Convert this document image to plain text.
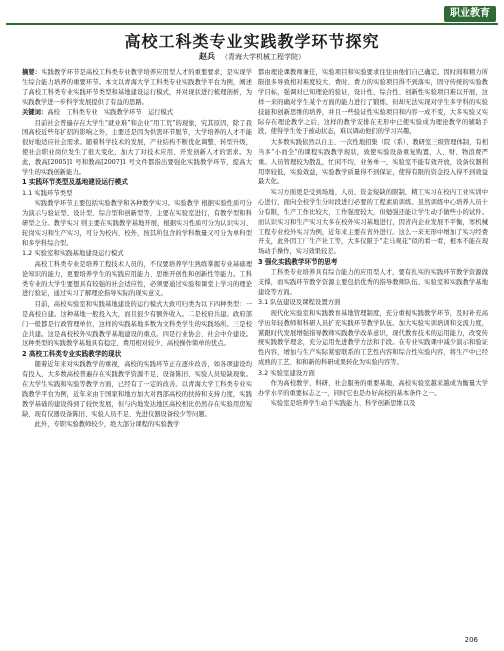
职业教育
高校工科类专业实践教学环节探究
赵兵 （青海大学机械工程学院）

摘要：实践教学环节是高校工科类专业教学培养应用型人才的重要要求，是实现学生综合能力培养的重要环节。本文以青海大学工科类专业实践教学平台为例，阐述了高校工科类专业实践环节类型和基地建设运行模式，并对现状进行梳理剖析，为实践教学进一步科学发展提供了有益的思路。

关键词：高校　工科类专业　实践教学环节　运行模式

目前社会普遍存在大学生“就业难”和企业“用工荒”的现象，究其原因，除了我国高校近些年扩招的影响之外，主要还是因为供需环节脱节，大学培养的人才不能很好地适应社会需求。随着科学技术的发展，产业结构不断优化调整、转型升级，使社会职业岗位发生了很大变化，加大了对技术应用、开发创新人才的需求。为此，教高[2005]1 号和教高[2007]1 号文件都指出要强化实践教学环节，提高大学生的实践创新能力。

1 实践环节类型及基地建设运行模式

1.1 实践环节类型

实践教学环节主要包括实验教学和各种教学实习。实验教学 根据实验性质可分为演示与验证型、设计型、综合型和创新型等，主要在实验室进行，有教学型和科研型之分。教学实习 则主要在实践教学基地开展，根据实习性质可分为认识实习、轮岗实习和生产实习，可分为校内、校外，按其所包含的学科数量又可分为单科型和多学科综合型。

1.2 实验室和实践基地建设运行模式

高校工科类专业是培养工程技术人员的，不仅要培养学生熟练掌握专业基础理论知识的能力，更要培养学生的实践应用能力、思维开创性和创新性等能力。工科类专业的大学生要想具有较强的社会适应性，必须要通过实验和课堂上学习的理论进行验证，通过实习了解理论指导实际的现实意义。

目前，高校实验室和实践基地建设的运行模式大致可归类为以下四种类型：一是高校自建。这种基地一般投入大，而且很少有额外收入。二是校府共建。政府部门一般都是行政管理单位，这样的实践基地多数为文科类学生的实践场所。三是校企共建。这是高校校外实践教学基地建设的重点。四是行业协会、社会中介建设。这种类型的实践教学基地具有稳定、费用相对较少、高校操作简单的优点。

2 高校工科类专业实践教学的现状

随着近年来对实践教学的重视，高校的实践环节正在逐步改善，如各项建设均有投入，大多数高校普遍存在实践教学资源不足、设备陈旧、实验人员短缺现象。在大学生实践和实验等教学方面，已经有了一定的改善。以青海大学工科类专业实践教学平台为例，近年来由于国家和地方加大对西部高校的扶持和支持力度，实践教学基础的建设得到了较快发展，但与内地发达地区高校相比仍然存在实验用房短缺、现有仪器设备陈旧、实验人员不足、先进仪器设备较少等问题。

此外，专职实验教师较少，绝大部分课程的实验教学

都由理论课教师兼任，实验项目和实验要求往往由他们自己确定。因时间和精力所限很多导致相对难度较大、费时、费力的实验项目得不到落实，固守传统的实验教学目标，强调对已知理论的验证，设计性、综合性、创新性实验项目难以开展，这样一来的确对学生某个方面的能力进行了锻炼，但却无法实现对学生多学科的实验技能和创新思维的培养，并且一些验证性实验项目和内容一成不变，大多实验又实际存在理论教学之后，这样的教学安排在无形中已使实验成为理论教学的辅助手段，使得学生处于被动状态，难以调动他们的学习兴趣。

大多数实践依然以自主、一次性地招集（院（系）、教研室三级管理体制，有相当多“小而全”的课程实践教学现状，致使实验设备重复购置，人、财、物浪费严重。人员管理较为散乱，忙闲不均，业务单一，实验室不能有效开放，设备仪器利用率较低，实验效益，实验教学质量得不到保证，使得有限的资金投入得不到效益最大化。

实习方面更是受到场地、人员、资金短缺的限制，精工实习在校内工业实训中心进行，面向全校学生分时段进行必要的工程素质训练。虽然训练中心培养人员十分有限，生产工作比较大，工作强度较大，但勉强还能让学生动手做些小的试件。而认识实习和生产实习大多在校外实习基地进行，因省内企业发展不平衡，寒机械工程专业校外实习为例，近年来主要在省外进行。这么一来无形中增加了实习经费开支，此外因工厂生产社工等，大多仅限于“走马观花”似的看一看，根本不能在现场动手操作，实习效果较差。

3 强化实践教学环节的思考

工科类专业培养具有综合能力的应用型人才，要有扎实的实践环节教学资源做支撑，而实践环节教学资源主要包括优秀的指导教师队伍、实验室和实践教学基地建设等方面。

3.1 队伍建设及课程设置方面

现代化实验室和实践教育基地管理制度，充分重视实践教学环节，及时补充高学历年轻教师和科研人员扩充实践环节教学队伍。加大实验实训培训和交流力度，紧跟时代发展增强指导教师实践教学改革意识，现代教育技术的运用能力，改变传统实践教学理念，充分运用先进教学方法和手段。在专业实践课中减少演示和验证性内容，增加与生产实际紧密联系的工艺性内容和综合性实验内容，将生产中已经成熟的工艺、和和新的科研成果转化为实验内容等。

3.2 实验室建设方面

作为高校教学、科研、社会服务的重要基地，高校实验室越来越成为衡量大学办学水平的重要标志之一，同时它也是办好高校的基本条件之一。

实验室是培养学生动手实践能力、科学创新思维以及

206
